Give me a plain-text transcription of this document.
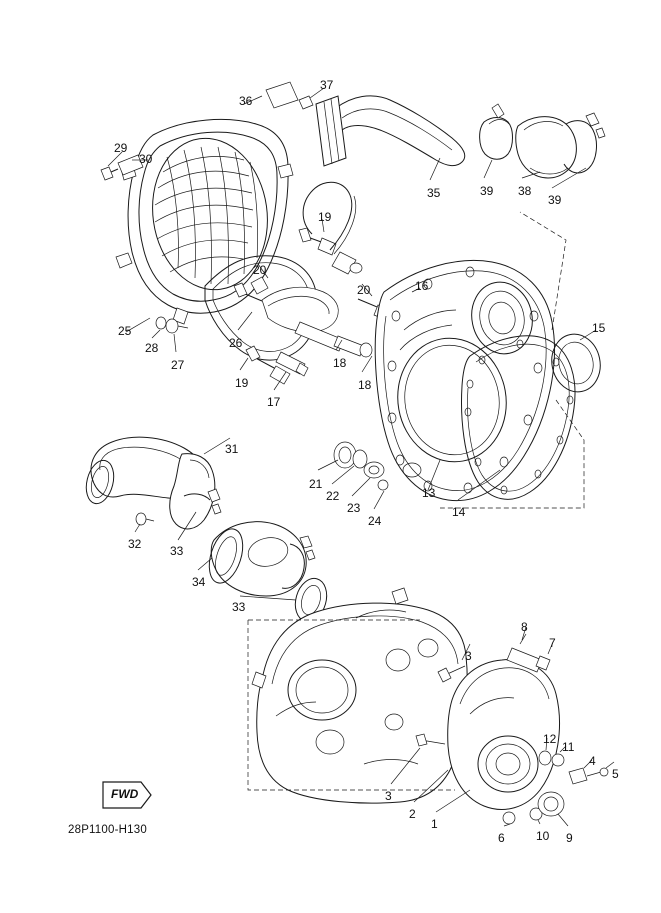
FWD
28P1100-H130	1
2
3
3
4
5
6
7
8
9
10
11
12
13
14
15
16
17
18
18
19
19
20
20
21
22
23
24
25
26
27
28
29
30
31
32 33
33
34
35
36
37
38
39
39
